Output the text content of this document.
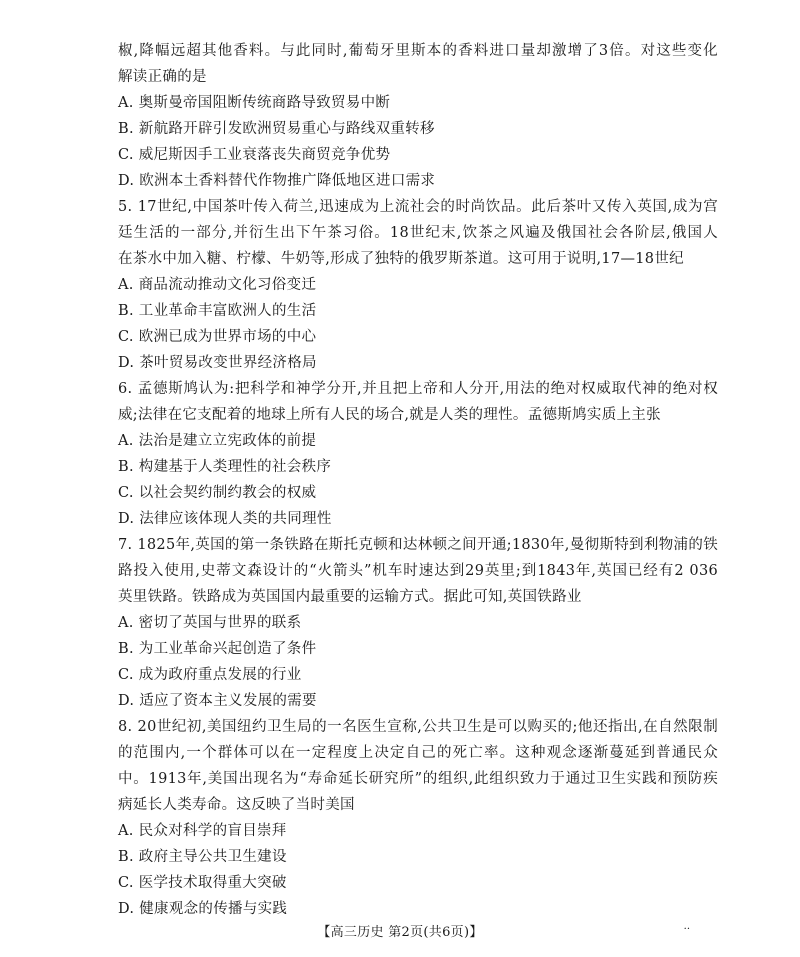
椒,降幅远超其他香料。与此同时,葡萄牙里斯本的香料进口量却激增了3倍。对这些变化
解读正确的是
A. 奥斯曼帝国阻断传统商路导致贸易中断
B. 新航路开辟引发欧洲贸易重心与路线双重转移
C. 威尼斯因手工业衰落丧失商贸竞争优势
D. 欧洲本土香料替代作物推广降低地区进口需求
5. 17世纪,中国茶叶传入荷兰,迅速成为上流社会的时尚饮品。此后茶叶又传入英国,成为宫
廷生活的一部分,并衍生出下午茶习俗。18世纪末,饮茶之风遍及俄国社会各阶层,俄国人
在茶水中加入糖、柠檬、牛奶等,形成了独特的俄罗斯茶道。这可用于说明,17—18世纪
A. 商品流动推动文化习俗变迁
B. 工业革命丰富欧洲人的生活
C. 欧洲已成为世界市场的中心
D. 茶叶贸易改变世界经济格局
6. 孟德斯鸠认为:把科学和神学分开,并且把上帝和人分开,用法的绝对权威取代神的绝对权
威;法律在它支配着的地球上所有人民的场合,就是人类的理性。孟德斯鸠实质上主张
A. 法治是建立立宪政体的前提
B. 构建基于人类理性的社会秩序
C. 以社会契约制约教会的权威
D. 法律应该体现人类的共同理性
7. 1825年,英国的第一条铁路在斯托克顿和达林顿之间开通;1830年,曼彻斯特到利物浦的铁
路投入使用,史蒂文森设计的“火箭头”机车时速达到29英里;到1843年,英国已经有2 036
英里铁路。铁路成为英国国内最重要的运输方式。据此可知,英国铁路业
A. 密切了英国与世界的联系
B. 为工业革命兴起创造了条件
C. 成为政府重点发展的行业
D. 适应了资本主义发展的需要
8. 20世纪初,美国纽约卫生局的一名医生宣称,公共卫生是可以购买的;他还指出,在自然限制
的范围内,一个群体可以在一定程度上决定自己的死亡率。这种观念逐渐蔓延到普通民众
中。1913年,美国出现名为“寿命延长研究所”的组织,此组织致力于通过卫生实践和预防疾
病延长人类寿命。这反映了当时美国
A. 民众对科学的盲目崇拜
B. 政府主导公共卫生建设
C. 医学技术取得重大突破
D. 健康观念的传播与实践
【高三历史 第2页(共6页)】	··
